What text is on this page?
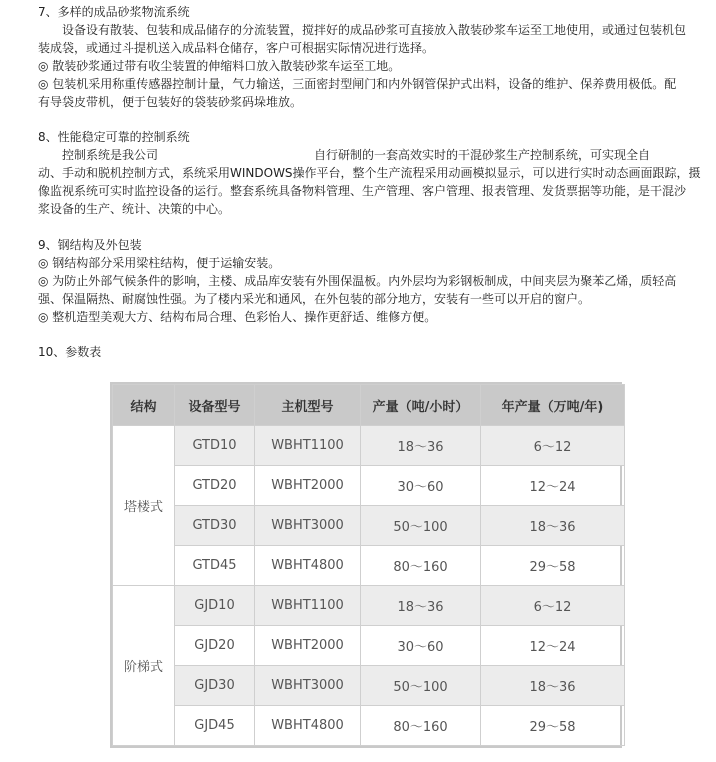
7、多样的成品砂浆物流系统
　　设备设有散装、包装和成品储存的分流装置，搅拌好的成品砂浆可直接放入散装砂浆车运至工地使用，或通过包装机包
装成袋，或通过斗提机送入成品料仓储存，客户可根据实际情况进行选择。
◎ 散装砂浆通过带有收尘装置的伸缩料口放入散装砂浆车运至工地。
◎ 包装机采用称重传感器控制计量，气力输送，三面密封型闸门和内外钢管保护式出料，设备的维护、保养费用极低。配
有导袋皮带机，便于包装好的袋装砂浆码垛堆放。
8、性能稳定可靠的控制系统
　　控制系统是我公司　　　　　　　　　　　　　自行研制的一套高效实时的干混砂浆生产控制系统，可实现全自
动、手动和脱机控制方式，系统采用WINDOWS操作平台，整个生产流程采用动画模拟显示，可以进行实时动态画面跟踪，摄
像监视系统可实时监控设备的运行。整套系统具备物料管理、生产管理、客户管理、报表管理、发货票据等功能，是干混沙
浆设备的生产、统计、决策的中心。
9、钢结构及外包装
◎ 钢结构部分采用梁柱结构，便于运输安装。
◎ 为防止外部气候条件的影响，主楼、成品库安装有外围保温板。内外层均为彩钢板制成，中间夹层为聚苯乙烯，质轻高
强、保温隔热、耐腐蚀性强。为了楼内采光和通风，在外包装的部分地方，安装有一些可以开启的窗户。
◎ 整机造型美观大方、结构布局合理、色彩怡人、操作更舒适、维修方便。
10、参数表
结构	设备型号	主机型号	产量（吨/小时）	年产量（万吨/年)
塔楼式	GTD10	WBHT1100	18～36	6～12
	GTD20	WBHT2000	30～60	12～24
	GTD30	WBHT3000	50～100	18～36
	GTD45	WBHT4800	80～160	29～58
阶梯式	GJD10	WBHT1100	18～36	6～12
	GJD20	WBHT2000	30～60	12～24
	GJD30	WBHT3000	50～100	18～36
	GJD45	WBHT4800	80～160	29～58
